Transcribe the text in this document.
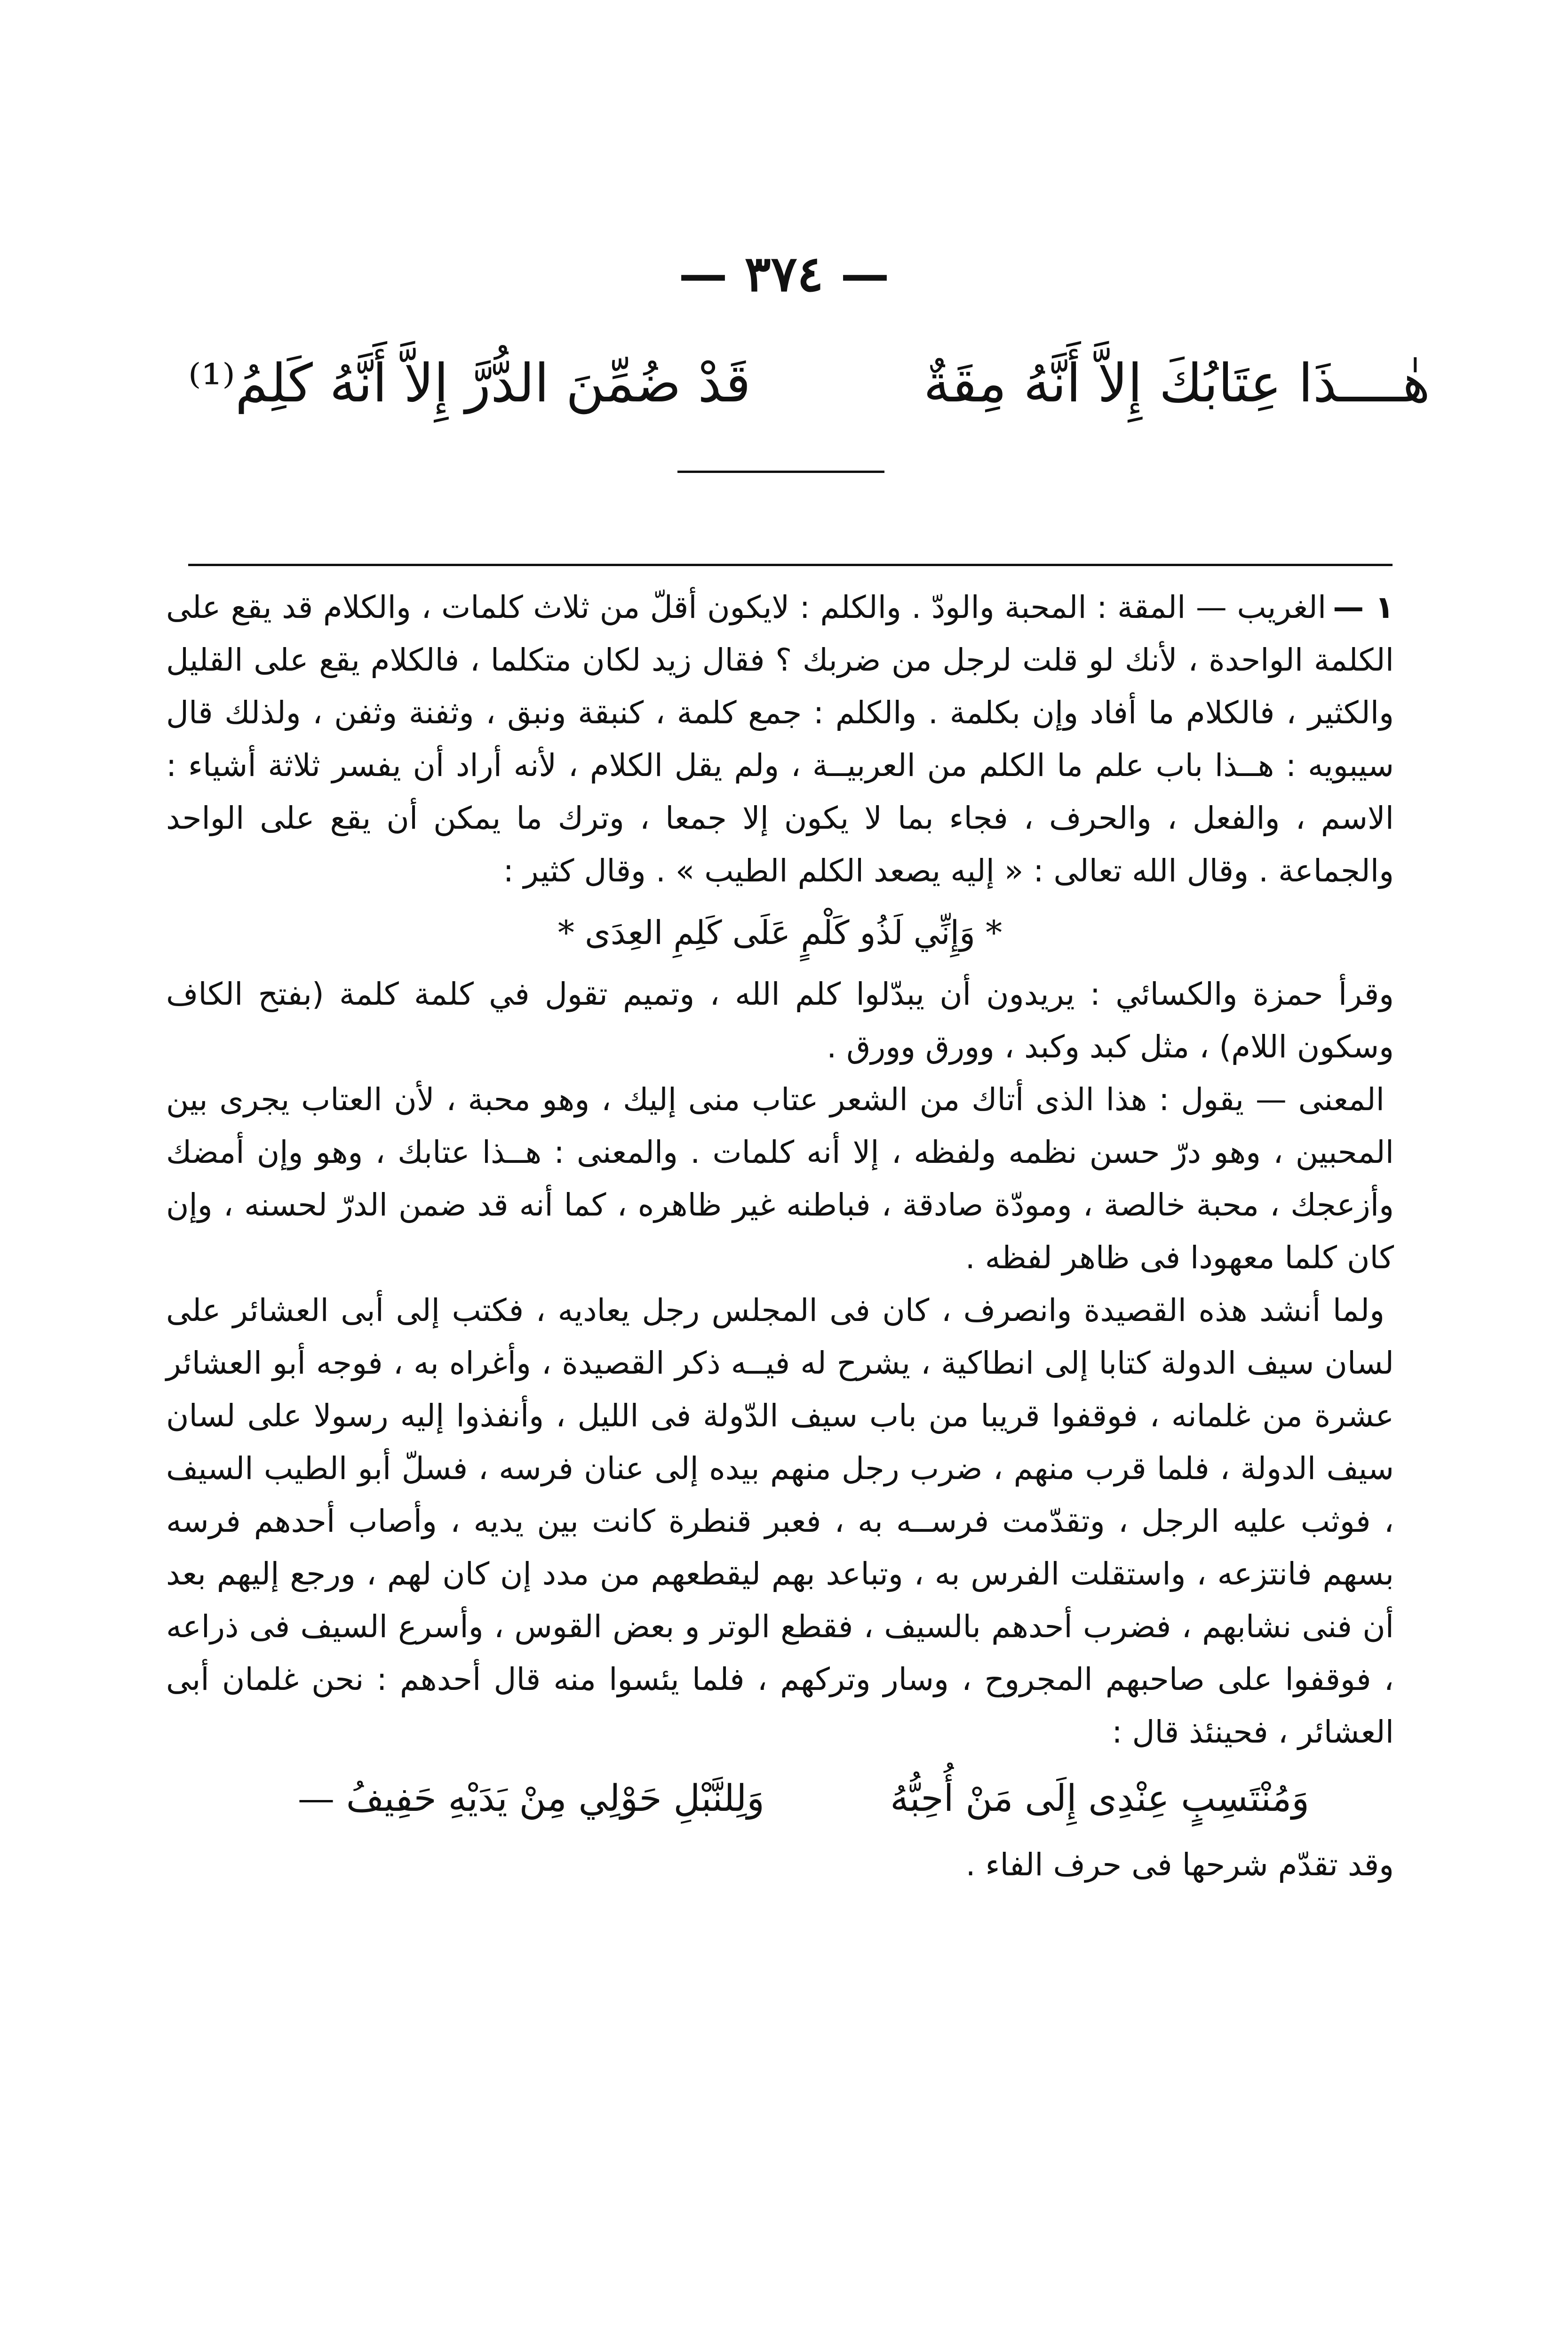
— ٣٧٤ —
هٰــــذَا عِتَابُكَ إِلاَّ أَنَّهُ مِقَةٌ
قَدْ ضُمِّنَ الدُّرَّ إِلاَّ أَنَّهُ كَلِمُ⁽¹⁾

١ —الغريب — المقة : المحبة والودّ . والكلم : لايكون أقلّ من ثلاث كلمات ، والكلام قد يقع على الكلمة الواحدة ، لأنك لو قلت لرجل من ضربك ؟ فقال زيد لكان متكلما ، فالكلام يقع على القليل والكثير ، فالكلام ما أفاد وإن بكلمة . والكلم : جمع كلمة ، كنبقة ونبق ، وثفنة وثفن ، ولذلك قال سيبويه : هــذا باب علم ما الكلم من العربيــة ، ولم يقل الكلام ، لأنه أراد أن يفسر ثلاثة أشياء : الاسم ، والفعل ، والحرف ، فجاء بما لا يكون إلا جمعا ، وترك ما يمكن أن يقع على الواحد والجماعة . وقال الله تعالى : « إليه يصعد الكلم الطيب » . وقال كثير :

* وَإِنِّي لَذُو كَلْمٍ عَلَى كَلِمِ العِدَى *

وقرأ حمزة والكسائي : يريدون أن يبدّلوا كلم الله ، وتميم تقول في كلمة كلمة (بفتح الكاف وسكون اللام) ، مثل كبد وكبد ، وورق وورق .

المعنى — يقول : هذا الذى أتاك من الشعر عتاب منى إليك ، وهو محبة ، لأن العتاب يجرى بين المحبين ، وهو درّ حسن نظمه ولفظه ، إلا أنه كلمات . والمعنى : هــذا عتابك ، وهو وإن أمضك وأزعجك ، محبة خالصة ، ومودّة صادقة ، فباطنه غير ظاهره ، كما أنه قد ضمن الدرّ لحسنه ، وإن كان كلما معهودا فى ظاهر لفظه .

ولما أنشد هذه القصيدة وانصرف ، كان فى المجلس رجل يعاديه ، فكتب إلى أبى العشائر على لسان سيف الدولة كتابا إلى انطاكية ، يشرح له فيــه ذكر القصيدة ، وأغراه به ، فوجه أبو العشائر عشرة من غلمانه ، فوقفوا قريبا من باب سيف الدّولة فى الليل ، وأنفذوا إليه رسولا على لسان سيف الدولة ، فلما قرب منهم ، ضرب رجل منهم بيده إلى عنان فرسه ، فسلّ أبو الطيب السيف ، فوثب عليه الرجل ، وتقدّمت فرســه به ، فعبر قنطرة كانت بين يديه ، وأصاب أحدهم فرسه بسهم فانتزعه ، واستقلت الفرس به ، وتباعد بهم ليقطعهم من مدد إن كان لهم ، ورجع إليهم بعد أن فنى نشابهم ، فضرب أحدهم بالسيف ، فقطع الوتر و بعض القوس ، وأسرع السيف فى ذراعه ، فوقفوا على صاحبهم المجروح ، وسار وتركهم ، فلما يئسوا منه قال أحدهم : نحن غلمان أبى العشائر ، فحينئذ قال :

وَمُنْتَسِبٍ عِنْدِى إِلَى مَنْ أُحِبُّهُ
وَلِلنَّبْلِ حَوْلِي مِنْ يَدَيْهِ حَفِيفُ —

وقد تقدّم شرحها فى حرف الفاء .
